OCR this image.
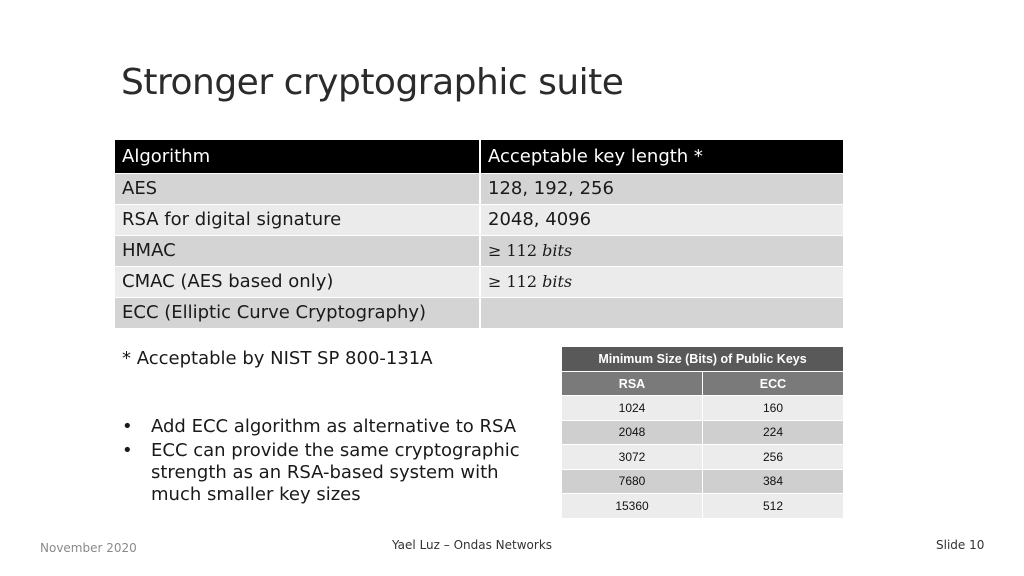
Stronger cryptographic suite
Algorithm	Acceptable key length *
AES	128, 192, 256
RSA for digital signature	2048, 4096
HMAC	≥ 112 bits
CMAC (AES based only)	≥ 112 bits
ECC (Elliptic Curve Cryptography)	
* Acceptable by NIST SP 800-131A
• Add ECC algorithm as alternative to RSA
• ECC can provide the same cryptographic strength as an RSA-based system with much smaller key sizes
Minimum Size (Bits) of Public Keys	
RSA	ECC
1024	160
2048	224
3072	256
7680	384
15360	512
November 2020	Yael Luz – Ondas Networks	Slide 10
